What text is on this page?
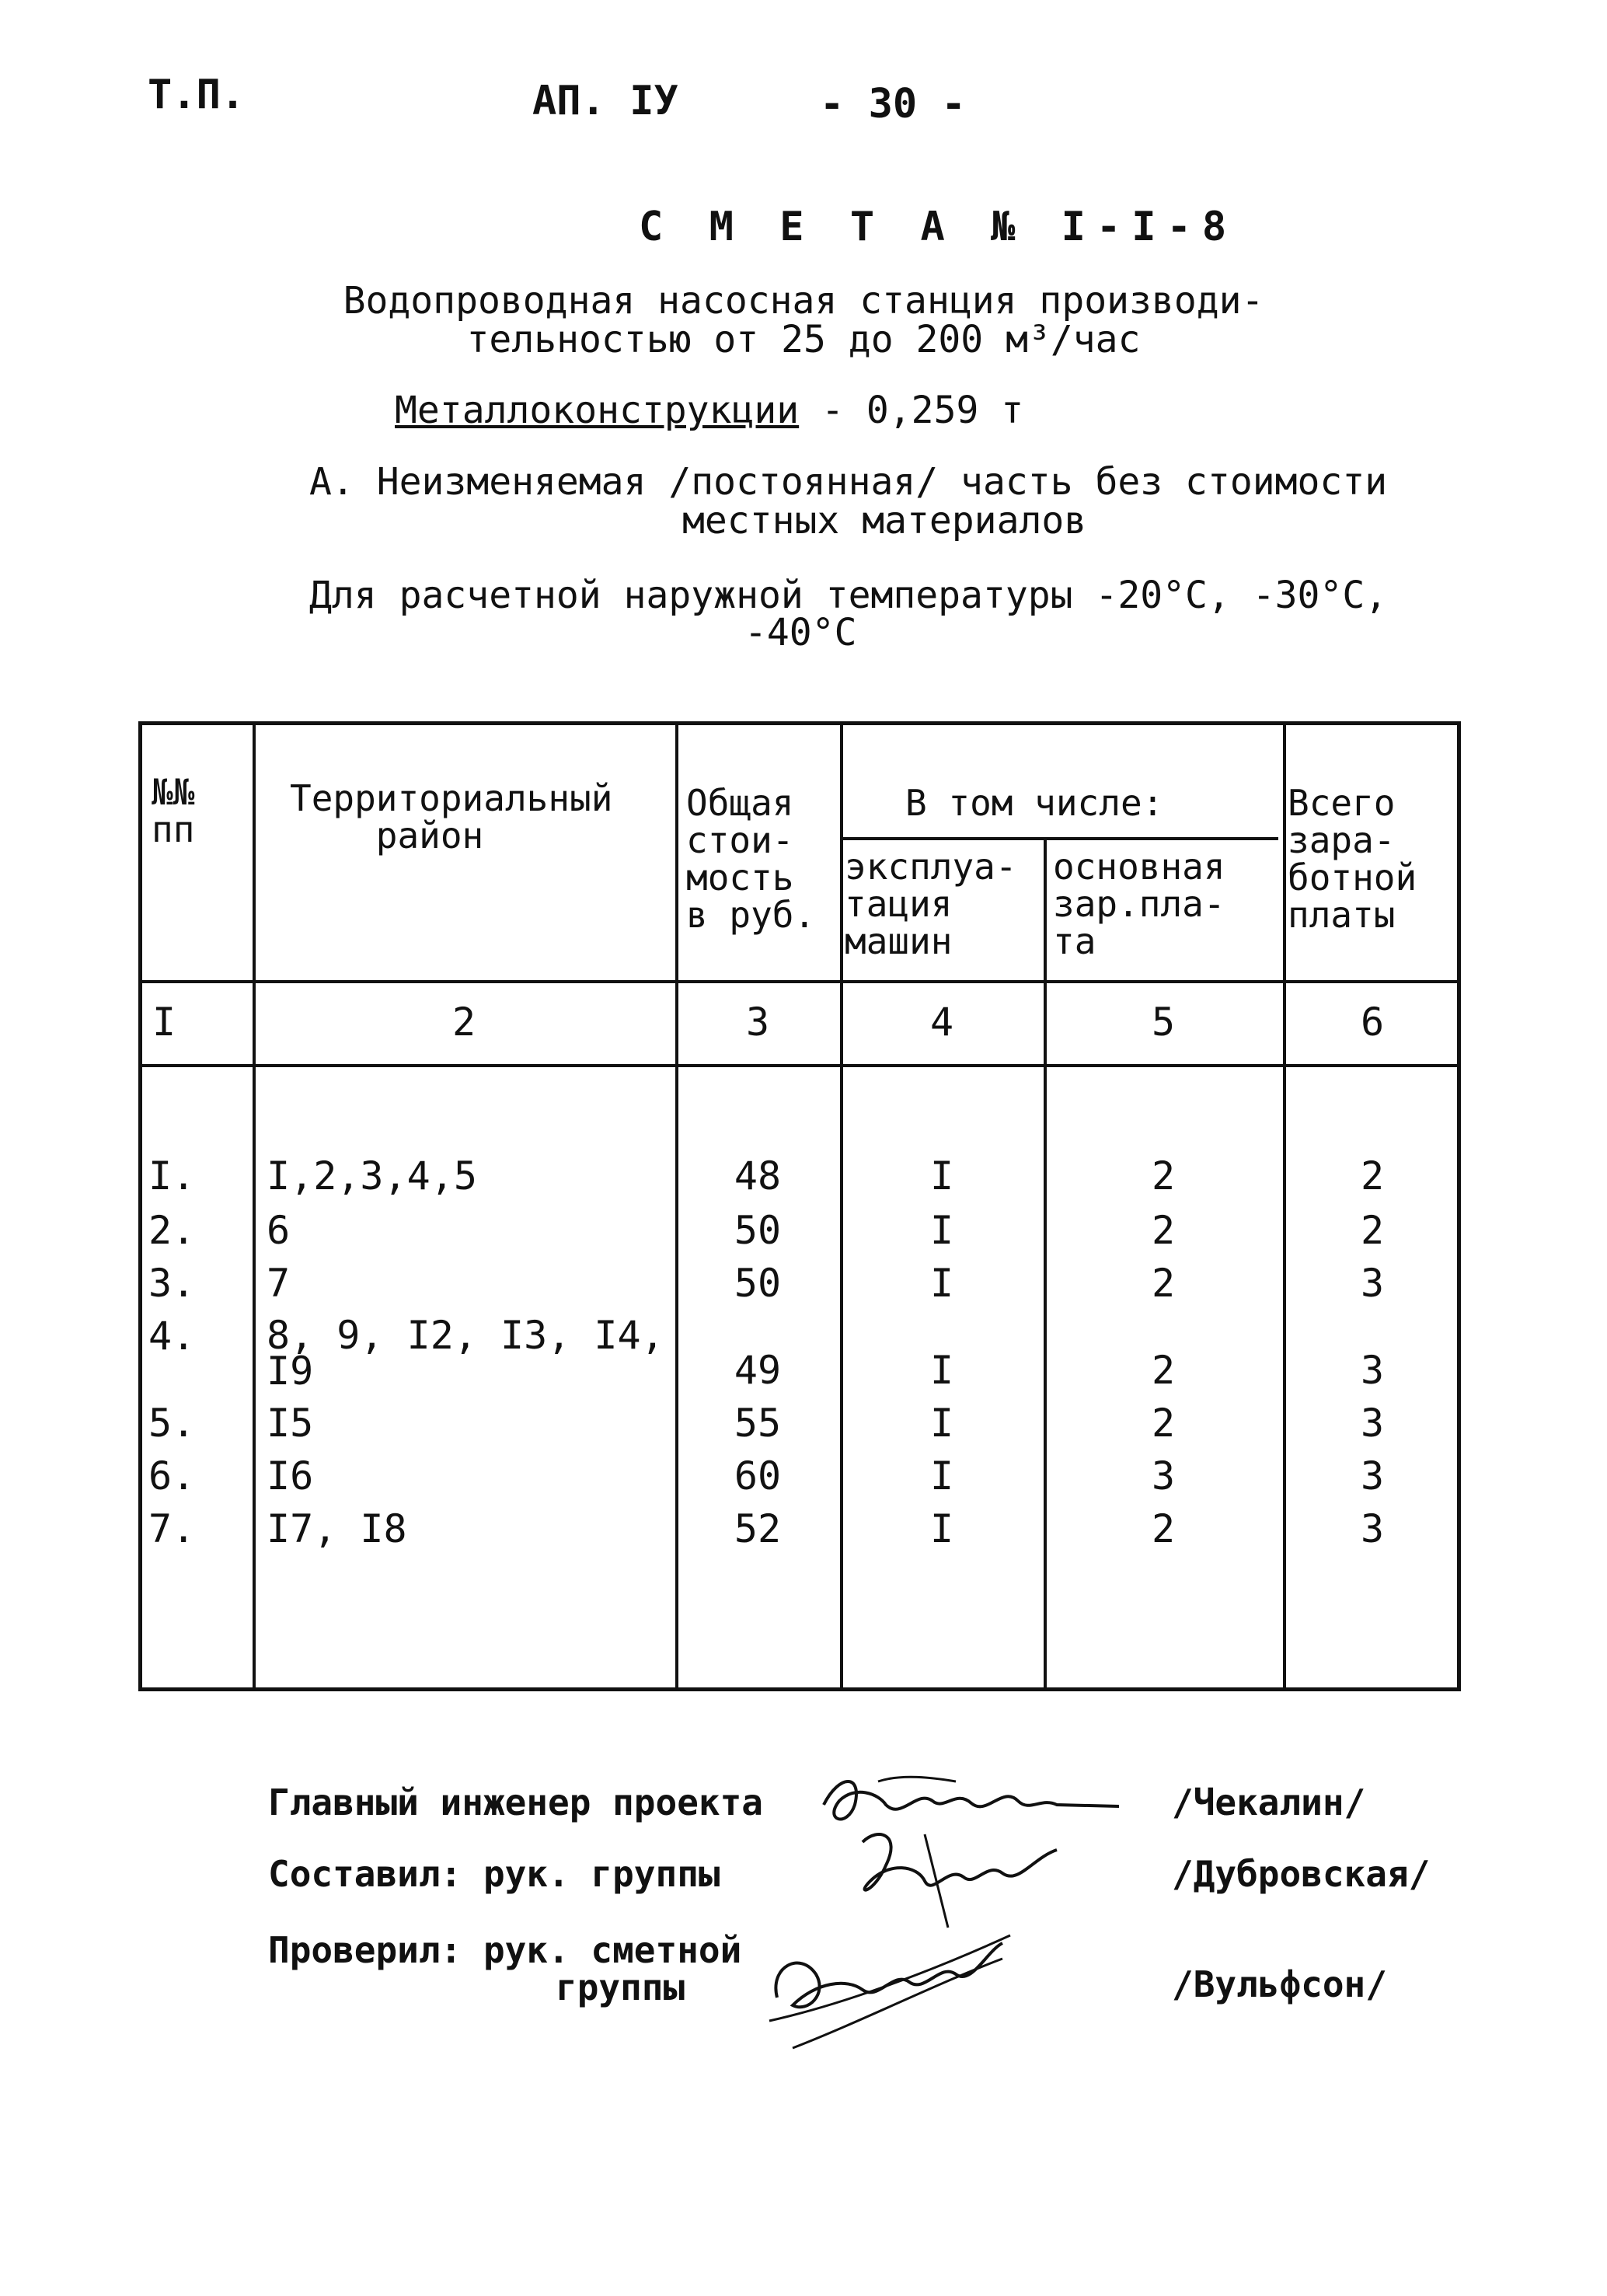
Т.П.	АП. IУ	- 30 -
С М Е Т А № I-I-8
Водопроводная насосная станция производи-
тельностью от 25 до 200 м³/час
Металлоконструкции - 0,259 т
А. Неизменяемая /постоянная/ часть без стоимости
местных материалов
Для расчетной наружной температуры -20°С, -30°С,
-40°С
№№
пп
Территориальный
район
Общая
стои-
мость
в руб.
В том числе:
эксплуа-
тация
машин
основная
зар.пла-
та
Всего
зара-
ботной
платы
I	2	3	4	5	6
I. I,2,3,4,5	48	I	2	2
2. 6	50	I	2	2
3. 7	50	I	2	3
4. 8, 9, I2, I3, I4,
I9	49	I	2	3
5. I5	55	I	2	3
6. I6	60	I	3	3
7. I7, I8	52	I	2	3
Главный инженер проекта	/Чекалин/
Составил: рук. группы	/Дубровская/
Проверил: рук. сметной
группы	/Вульфсон/
